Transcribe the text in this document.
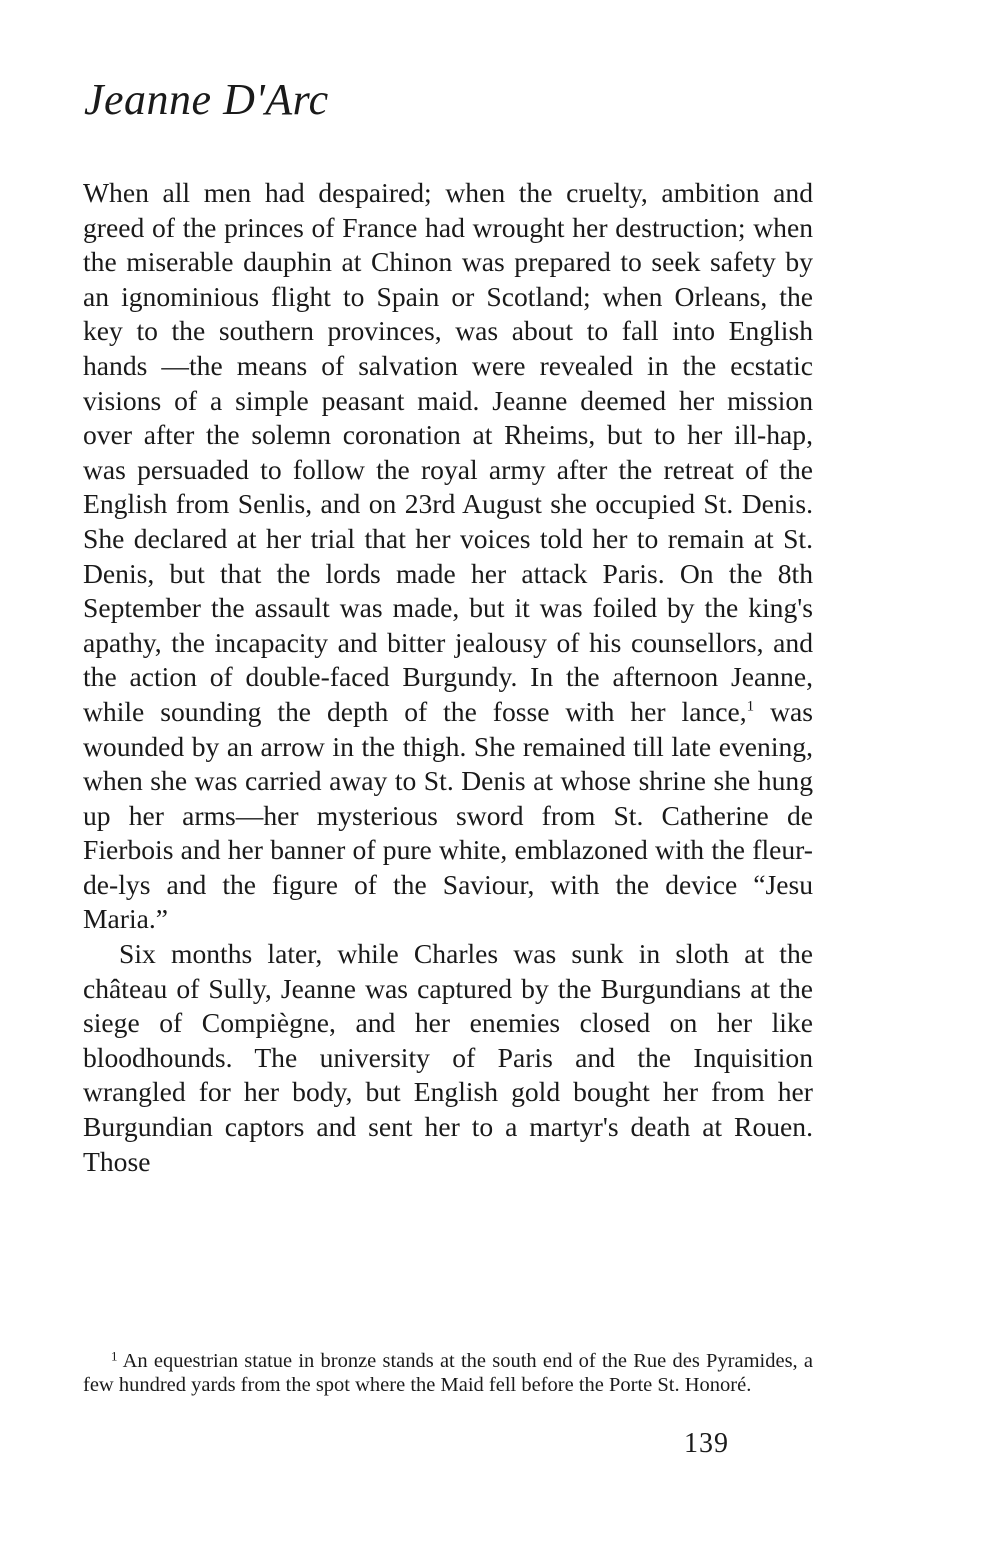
Jeanne D'Arc

When all men had despaired; when the cruelty, ambition and greed of the princes of France had wrought her destruction; when the miserable dauphin at Chinon was prepared to seek safety by an ignominious flight to Spain or Scotland; when Orleans, the key to the southern provinces, was about to fall into English hands —the means of salvation were revealed in the ecstatic visions of a simple peasant maid. Jeanne deemed her mission over after the solemn coronation at Rheims, but to her ill-hap, was persuaded to follow the royal army after the retreat of the English from Senlis, and on 23rd August she occupied St. Denis. She declared at her trial that her voices told her to remain at St. Denis, but that the lords made her attack Paris. On the 8th September the assault was made, but it was foiled by the king's apathy, the incapacity and bitter jealousy of his counsellors, and the action of double-faced Burgundy. In the afternoon Jeanne, while sounding the depth of the fosse with her lance,$^1$ was wounded by an arrow in the thigh. She remained till late evening, when she was carried away to St. Denis at whose shrine she hung up her arms—her mysterious sword from St. Catherine de Fierbois and her banner of pure white, emblazoned with the fleur-de-lys and the figure of the Saviour, with the device “Jesu Maria.”

Six months later, while Charles was sunk in sloth at the château of Sully, Jeanne was captured by the Burgundians at the siege of Compiègne, and her enemies closed on her like bloodhounds. The university of Paris and the Inquisition wrangled for her body, but English gold bought her from her Burgundian captors and sent her to a martyr's death at Rouen. Those

$^1$ An equestrian statue in bronze stands at the south end of the Rue des Pyramides, a few hundred yards from the spot where the Maid fell before the Porte St. Honoré.

139
